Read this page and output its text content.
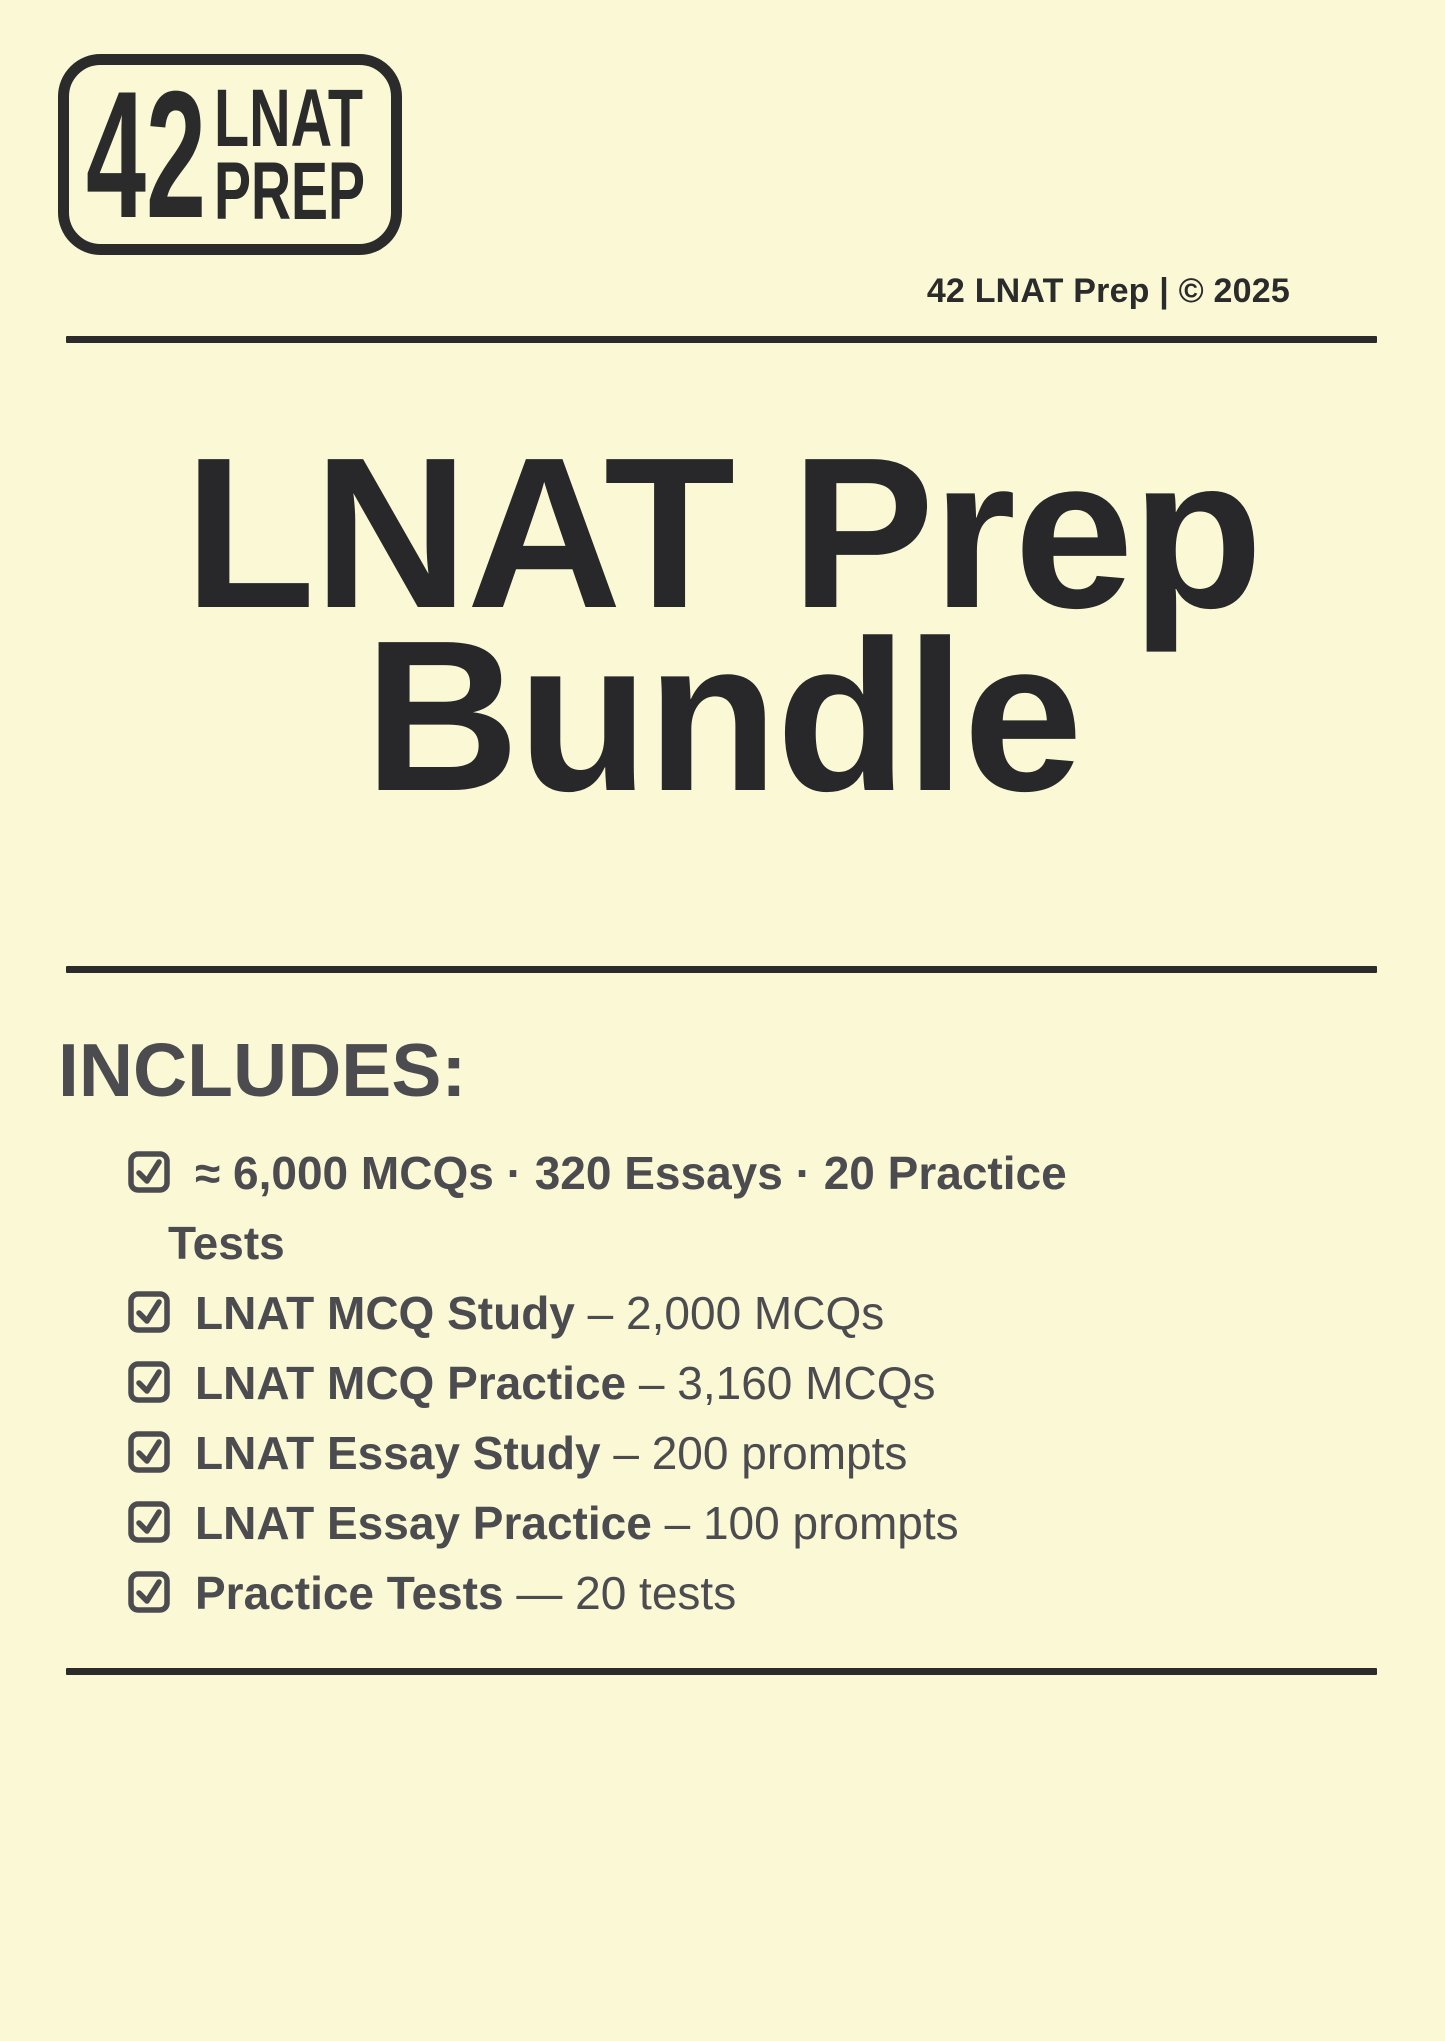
42 LNAT
PREP
42 LNAT Prep | © 2025
LNAT Prep
Bundle
INCLUDES:
≈ 6,000 MCQs · 320 Essays · 20 Practice
Tests
LNAT MCQ Study – 2,000 MCQs
LNAT MCQ Practice – 3,160 MCQs
LNAT Essay Study – 200 prompts
LNAT Essay Practice – 100 prompts
Practice Tests — 20 tests
